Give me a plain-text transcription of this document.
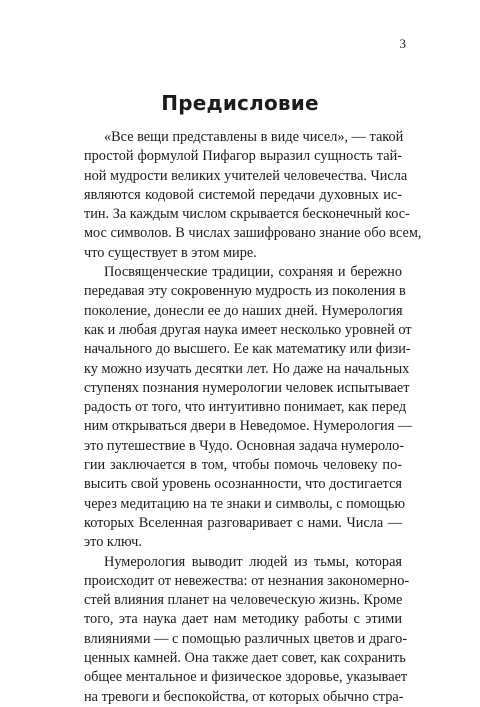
3
Предисловие

«Все вещи представлены в виде чисел», — такой
простой формулой Пифагор выразил сущность тай-
ной мудрости великих учителей человечества. Числа
являются кодовой системой передачи духовных ис-
тин. За каждым числом скрывается бесконечный кос-
мос символов. В числах зашифровано знание обо всем,
что существует в этом мире.

Посвященческие традиции, сохраняя и бережно
передавая эту сокровенную мудрость из поколения в
поколение, донесли ее до наших дней. Нумерология
как и любая другая наука имеет несколько уровней от
начального до высшего. Ее как математику или физи-
ку можно изучать десятки лет. Но даже на начальных
ступенях познания нумерологии человек испытывает
радость от того, что интуитивно понимает, как перед
ним открываться двери в Неведомое. Нумерология —
это путешествие в Чудо. Основная задача нумероло-
гии заключается в том, чтобы помочь человеку по-
высить свой уровень осознанности, что достигается
через медитацию на те знаки и символы, с помощью
которых Вселенная разговаривает с нами. Числа —
это ключ.

Нумерология выводит людей из тьмы, которая
происходит от невежества: от незнания закономерно-
стей влияния планет на человеческую жизнь. Кроме
того, эта наука дает нам методику работы с этими
влияниями — с помощью различных цветов и драго-
ценных камней. Она также дает совет, как сохранить
общее ментальное и физическое здоровье, указывает
на тревоги и беспокойства, от которых обычно стра-
